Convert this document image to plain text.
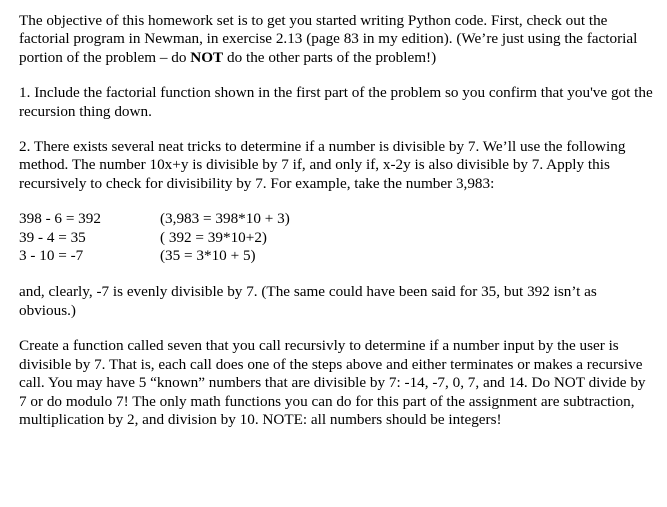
The objective of this homework set is to get you started writing Python code. First, check out the factorial program in Newman, in exercise 2.13 (page 83 in my edition). (We’re just using the factorial portion of the problem – do NOT do the other parts of the problem!)

1. Include the factorial function shown in the first part of the problem so you confirm that you've got the recursion thing down.

2. There exists several neat tricks to determine if a number is divisible by 7. We’ll use the following method. The number 10x+y is divisible by 7 if, and only if, x-2y is also divisible by 7. Apply this recursively to check for divisibility by 7. For example, take the number 3,983:

398 - 6 = 392
39 - 4 = 35
3 - 10 = -7
(3,983 = 398*10 + 3)
( 392 = 39*10+2)
(35 = 3*10 + 5)

and, clearly, -7 is evenly divisible by 7. (The same could have been said for 35, but 392 isn’t as obvious.)

Create a function called seven that you call recursivly to determine if a number input by the user is divisible by 7. That is, each call does one of the steps above and either terminates or makes a recursive call. You may have 5 “known” numbers that are divisible by 7: -14, -7, 0, 7, and 14. Do NOT divide by 7 or do modulo 7! The only math functions you can do for this part of the assignment are subtraction, multiplication by 2, and division by 10. NOTE: all numbers should be integers!
